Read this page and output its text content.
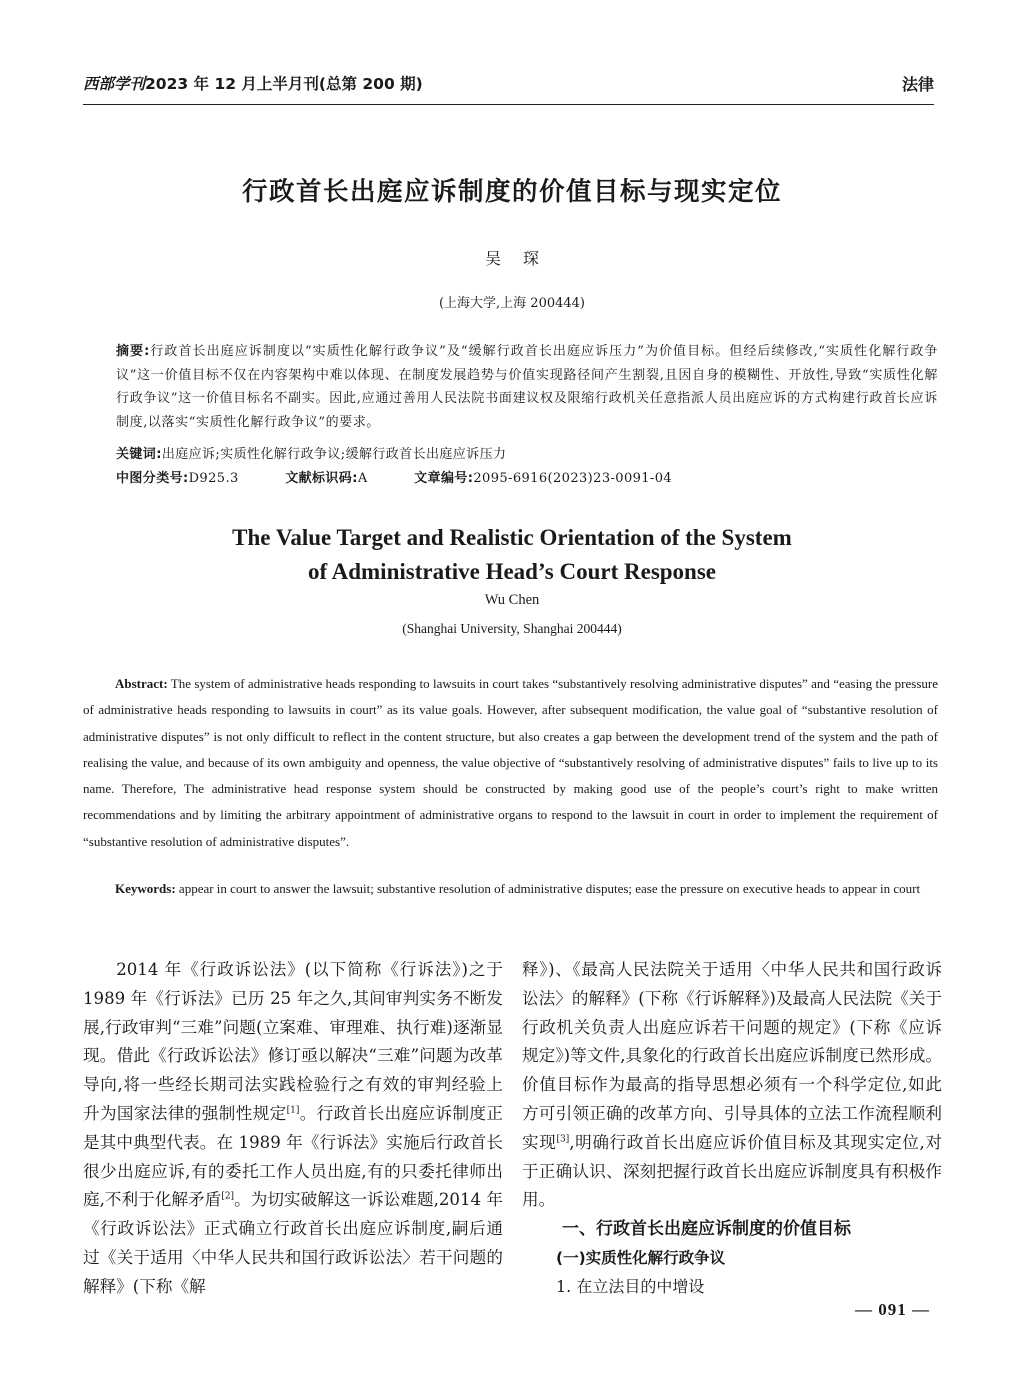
西部学刊2023 年 12 月上半月刊(总第 200 期)	法律
行政首长出庭应诉制度的价值目标与现实定位
吴琛
(上海大学,上海 200444)
摘要:行政首长出庭应诉制度以“实质性化解行政争议”及“缓解行政首长出庭应诉压力”为价值目标。但经后续修改,“实质性化解行政争议”这一价值目标不仅在内容架构中难以体现、在制度发展趋势与价值实现路径间产生割裂,且因自身的模糊性、开放性,导致“实质性化解行政争议”这一价值目标名不副实。因此,应通过善用人民法院书面建议权及限缩行政机关任意指派人员出庭应诉的方式构建行政首长应诉制度,以落实“实质性化解行政争议”的要求。
关键词:出庭应诉;实质性化解行政争议;缓解行政首长出庭应诉压力
中图分类号:D925.3	文献标识码:A	文章编号:2095-6916(2023)23-0091-04
The Value Target and Realistic Orientation of the System
of Administrative Head’s Court Response
Wu Chen
(Shanghai University, Shanghai 200444)
Abstract: The system of administrative heads responding to lawsuits in court takes “substantively resolving administrative disputes” and “easing the pressure of administrative heads responding to lawsuits in court” as its value goals. However, after subsequent modification, the value goal of “substantive resolution of administrative disputes” is not only difficult to reflect in the content structure, but also creates a gap between the development trend of the system and the path of realising the value, and because of its own ambiguity and openness, the value objective of “substantively resolving of administrative disputes” fails to live up to its name. Therefore, The administrative head response system should be constructed by making good use of the people’s court’s right to make written recommendations and by limiting the arbitrary appointment of administrative organs to respond to the lawsuit in court in order to implement the requirement of “substantive resolution of administrative disputes”.
Keywords: appear in court to answer the lawsuit; substantive resolution of administrative disputes; ease the pressure on executive heads to appear in court

2014 年《行政诉讼法》(以下简称《行诉法》)之于 1989 年《行诉法》已历 25 年之久,其间审判实务不断发展,行政审判“三难”问题(立案难、审理难、执行难)逐渐显现。借此《行政诉讼法》修订亟以解决“三难”问题为改革导向,将一些经长期司法实践检验行之有效的审判经验上升为国家法律的强制性规定[1]。行政首长出庭应诉制度正是其中典型代表。在 1989 年《行诉法》实施后行政首长很少出庭应诉,有的委托工作人员出庭,有的只委托律师出庭,不利于化解矛盾[2]。为切实破解这一诉讼难题,2014 年《行政诉讼法》正式确立行政首长出庭应诉制度,嗣后通过《关于适用〈中华人民共和国行政诉讼法〉若干问题的解释》(下称《解

释》)、《最高人民法院关于适用〈中华人民共和国行政诉讼法〉的解释》(下称《行诉解释》)及最高人民法院《关于行政机关负责人出庭应诉若干问题的规定》(下称《应诉规定》)等文件,具象化的行政首长出庭应诉制度已然形成。价值目标作为最高的指导思想必须有一个科学定位,如此方可引领正确的改革方向、引导具体的立法工作流程顺利实现[3],明确行政首长出庭应诉价值目标及其现实定位,对于正确认识、深刻把握行政首长出庭应诉制度具有积极作用。

一、行政首长出庭应诉制度的价值目标

(一)实质性化解行政争议

1. 在立法目的中增设

— 091 —
